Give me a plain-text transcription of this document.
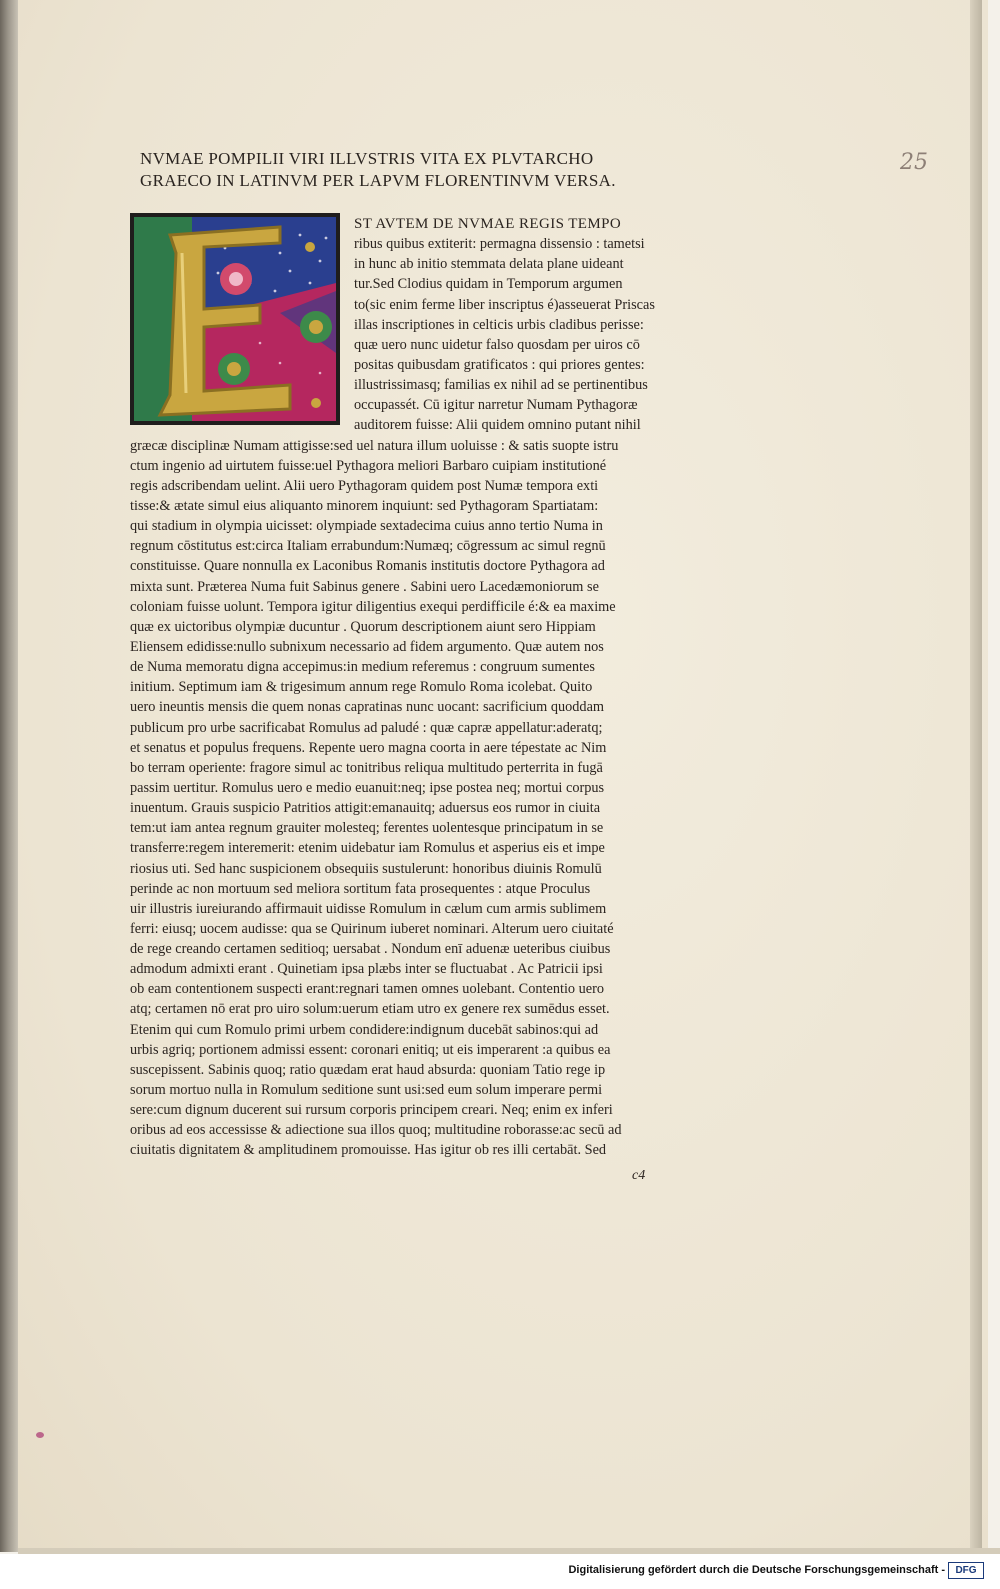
NVMAE POMPILII VIRI ILLVSTRIS VITA EX PLVTARCHO
GRAECO IN LATINVM PER LAPVM FLORENTINVM VERSA.
25
ST AVTEM DE NVMAE REGIS TEMPO
ribus quibus extiterit: permagna dissensio : tametsi
in hunc ab initio stemmata delata plane uideant
tur.Sed Clodius quidam in Temporum argumen
to(sic enim ferme liber inscriptus é)asseuerat Priscas
illas inscriptiones in celticis urbis cladibus perisse:
quæ uero nunc uidetur falso quosdam per uiros cō
positas quibusdam gratificatos : qui priores gentes:
illustrissimasq; familias ex nihil ad se pertinentibus
occupassét. Cū igitur narretur Numam Pythagoræ
auditorem fuisse: Alii quidem omnino putant nihil
græcæ disciplinæ Numam attigisse:sed uel natura illum uoluisse : & satis suopte istru
ctum ingenio ad uirtutem fuisse:uel Pythagora meliori Barbaro cuipiam institutioné
regis adscribendam uelint. Alii uero Pythagoram quidem post Numæ tempora exti
tisse:& ætate simul eius aliquanto minorem inquiunt: sed Pythagoram Spartiatam:
qui stadium in olympia uicisset: olympiade sextadecima cuius anno tertio Numa in
regnum cōstitutus est:circa Italiam errabundum:Numæq; cōgressum ac simul regnū
constituisse. Quare nonnulla ex Laconibus Romanis institutis doctore Pythagora ad
mixta sunt. Præterea Numa fuit Sabinus genere . Sabini uero Lacedæmoniorum se
coloniam fuisse uolunt. Tempora igitur diligentius exequi perdifficile é:& ea maxime
quæ ex uictoribus olympiæ ducuntur . Quorum descriptionem aiunt sero Hippiam
Eliensem edidisse:nullo subnixum necessario ad fidem argumento. Quæ autem nos
de Numa memoratu digna accepimus:in medium referemus : congruum sumentes
initium. Septimum iam & trigesimum annum rege Romulo Roma icolebat. Quito
uero ineuntis mensis die quem nonas capratinas nunc uocant: sacrificium quoddam
publicum pro urbe sacrificabat Romulus ad paludé : quæ capræ appellatur:aderatq;
et senatus et populus frequens. Repente uero magna coorta in aere tépestate ac Nim
bo terram operiente: fragore simul ac tonitribus reliqua multitudo perterrita in fugā
passim uertitur. Romulus uero e medio euanuit:neq; ipse postea neq; mortui corpus
inuentum. Grauis suspicio Patritios attigit:emanauitq; aduersus eos rumor in ciuita
tem:ut iam antea regnum grauiter molesteq; ferentes uolentesque principatum in se
transferre:regem interemerit: etenim uidebatur iam Romulus et asperius eis et impe
riosius uti. Sed hanc suspicionem obsequiis sustulerunt: honoribus diuinis Romulū
perinde ac non mortuum sed meliora sortitum fata prosequentes : atque Proculus
uir illustris iureiurando affirmauit uidisse Romulum in cælum cum armis sublimem
ferri: eiusq; uocem audisse: qua se Quirinum iuberet nominari. Alterum uero ciuitaté
de rege creando certamen seditioq; uersabat . Nondum enī aduenæ ueteribus ciuibus
admodum admixti erant . Quinetiam ipsa plæbs inter se fluctuabat . Ac Patricii ipsi
ob eam contentionem suspecti erant:regnari tamen omnes uolebant. Contentio uero
atq; certamen nō erat pro uiro solum:uerum etiam utro ex genere rex sumēdus esset.
Etenim qui cum Romulo primi urbem condidere:indignum ducebāt sabinos:qui ad
urbis agriq; portionem admissi essent: coronari enitiq; ut eis imperarent :a quibus ea
suscepissent. Sabinis quoq; ratio quædam erat haud absurda: quoniam Tatio rege ip
sorum mortuo nulla in Romulum seditione sunt usi:sed eum solum imperare permi
sere:cum dignum ducerent sui rursum corporis principem creari. Neq; enim ex inferi
oribus ad eos accessisse & adiectione sua illos quoq; multitudine roborasse:ac secū ad
ciuitatis dignitatem & amplitudinem promouisse. Has igitur ob res illi certabāt. Sed
c4
Digitalisierung gefördert durch die Deutsche Forschungsgemeinschaft -	DFG
